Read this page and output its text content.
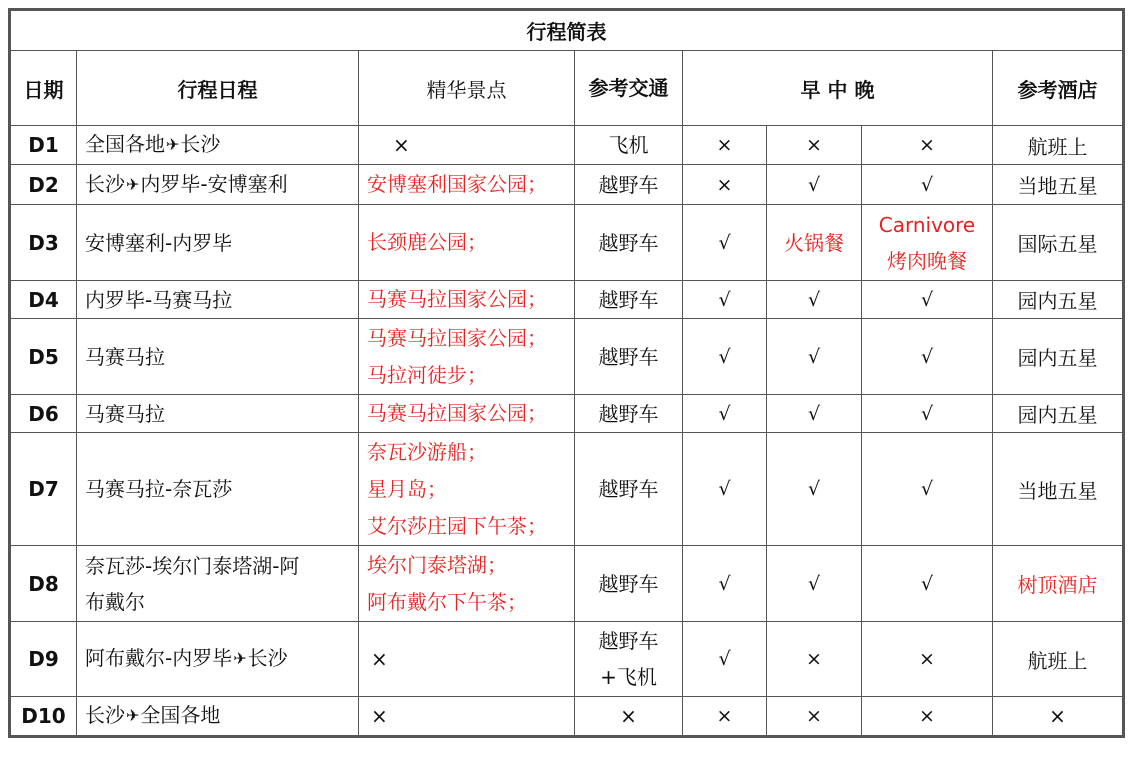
行程简表							
日期	行程日程	精华景点	参考交通	早 中 晚			参考酒店
D1	全国各地✈长沙	×	飞机	×	×	×	航班上
D2	长沙✈内罗毕-安博塞利	安博塞利国家公园；	越野车	×	√	√	当地五星
D3	安博塞利-内罗毕	长颈鹿公园；	越野车	√	火锅餐	Carnivore
烤肉晚餐	国际五星
D4	内罗毕-马赛马拉	马赛马拉国家公园；	越野车	√	√	√	园内五星
D5	马赛马拉	马赛马拉国家公园；
马拉河徒步；	越野车	√	√	√	园内五星
D6	马赛马拉	马赛马拉国家公园；	越野车	√	√	√	园内五星
D7	马赛马拉-奈瓦莎	奈瓦沙游船；
星月岛；
艾尔莎庄园下午茶；	越野车	√	√	√	当地五星
D8	奈瓦莎-埃尔门泰塔湖-阿
布戴尔	埃尔门泰塔湖；
阿布戴尔下午茶；	越野车	√	√	√	树顶酒店
D9	阿布戴尔-内罗毕✈长沙	×	越野车
+飞机	√	×	×	航班上
D10	长沙✈全国各地	×	×	×	×	×	×
